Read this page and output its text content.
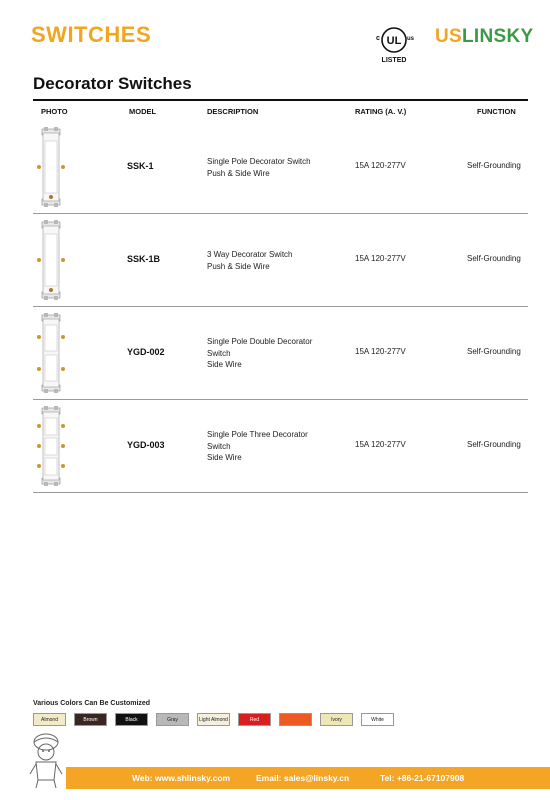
SWITCHES	UL
c	us
LISTED
USLINSKY
Decorator Switches
PHOTO	MODEL	DESCRIPTION	RATING (A. V.)	FUNCTION
SSK-1	Single Pole Decorator Switch
Push & Side Wire
15A 120-277V	Self-Grounding
SSK-1B	3 Way Decorator Switch
Push & Side Wire
15A 120-277V	Self-Grounding
YGD-002
Single Pole Double Decorator
Switch
Side Wire
15A 120-277V	Self-Grounding
YGD-003
Single Pole Three Decorator
Switch
Side Wire
15A 120-277V	Self-Grounding
Various Colors Can Be Customized
Almond	Brown	Black	Gray	Light Almond	Red	Ivory	White
Web: www.shlinsky.com	Email: sales@linsky.cn	Tel: +86-21-67107908
